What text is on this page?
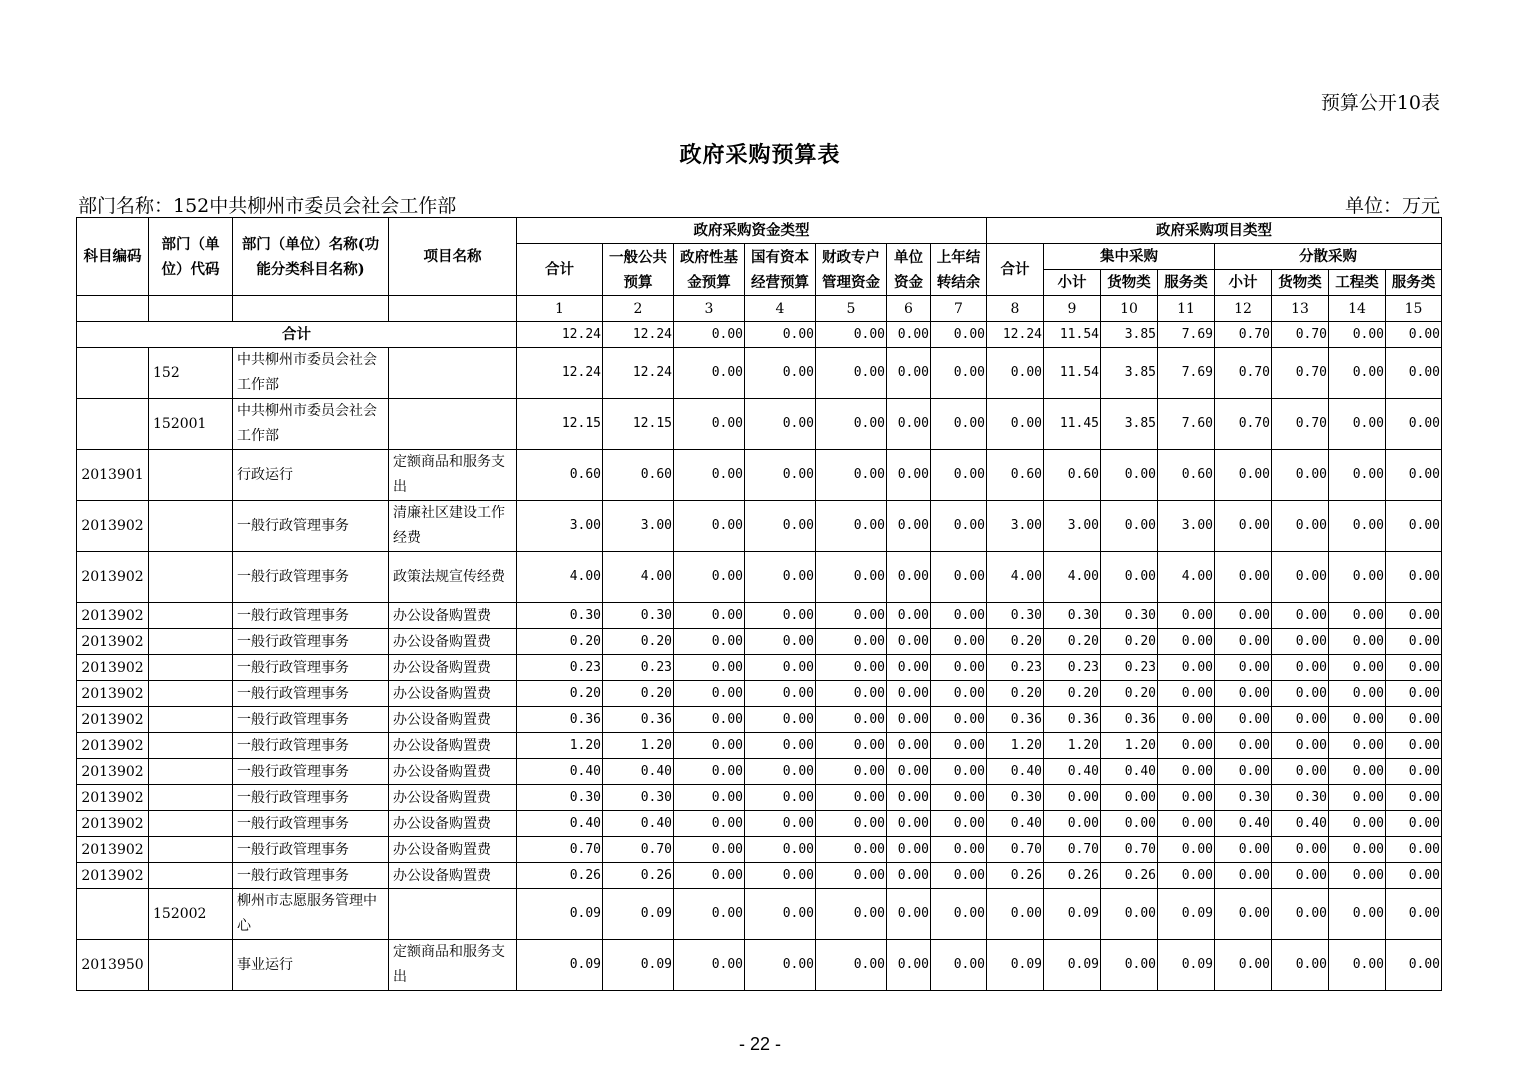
预算公开10表
政府采购预算表
部门名称：152中共柳州市委员会社会工作部	单位：万元
科目编码	部门（单位）代码	部门（单位）名称(功能分类科目名称)	项目名称	政府采购资金类型							政府采购项目类型							
				合计	一般公共预算	政府性基金预算	国有资本经营预算	财政专户管理资金	单位资金	上年结转结余	合计	集中采购			分散采购			
												小计	货物类	服务类	小计	货物类	工程类	服务类
				1	2	3	4	5	6	7	8	9	10	11	12	13	14	15
合计				12.24	12.24	0.00	0.00	0.00	0.00	0.00	12.24	11.54	3.85	7.69	0.70	0.70	0.00	0.00
	152	中共柳州市委员会社会工作部		12.24	12.24	0.00	0.00	0.00	0.00	0.00	0.00	11.54	3.85	7.69	0.70	0.70	0.00	0.00
	152001	中共柳州市委员会社会工作部		12.15	12.15	0.00	0.00	0.00	0.00	0.00	0.00	11.45	3.85	7.60	0.70	0.70	0.00	0.00
2013901		行政运行	定额商品和服务支出	0.60	0.60	0.00	0.00	0.00	0.00	0.00	0.60	0.60	0.00	0.60	0.00	0.00	0.00	0.00
2013902		一般行政管理事务	清廉社区建设工作经费	3.00	3.00	0.00	0.00	0.00	0.00	0.00	3.00	3.00	0.00	3.00	0.00	0.00	0.00	0.00
2013902		一般行政管理事务	政策法规宣传经费	4.00	4.00	0.00	0.00	0.00	0.00	0.00	4.00	4.00	0.00	4.00	0.00	0.00	0.00	0.00
2013902		一般行政管理事务	办公设备购置费	0.30	0.30	0.00	0.00	0.00	0.00	0.00	0.30	0.30	0.30	0.00	0.00	0.00	0.00	0.00
2013902		一般行政管理事务	办公设备购置费	0.20	0.20	0.00	0.00	0.00	0.00	0.00	0.20	0.20	0.20	0.00	0.00	0.00	0.00	0.00
2013902		一般行政管理事务	办公设备购置费	0.23	0.23	0.00	0.00	0.00	0.00	0.00	0.23	0.23	0.23	0.00	0.00	0.00	0.00	0.00
2013902		一般行政管理事务	办公设备购置费	0.20	0.20	0.00	0.00	0.00	0.00	0.00	0.20	0.20	0.20	0.00	0.00	0.00	0.00	0.00
2013902		一般行政管理事务	办公设备购置费	0.36	0.36	0.00	0.00	0.00	0.00	0.00	0.36	0.36	0.36	0.00	0.00	0.00	0.00	0.00
2013902		一般行政管理事务	办公设备购置费	1.20	1.20	0.00	0.00	0.00	0.00	0.00	1.20	1.20	1.20	0.00	0.00	0.00	0.00	0.00
2013902		一般行政管理事务	办公设备购置费	0.40	0.40	0.00	0.00	0.00	0.00	0.00	0.40	0.40	0.40	0.00	0.00	0.00	0.00	0.00
2013902		一般行政管理事务	办公设备购置费	0.30	0.30	0.00	0.00	0.00	0.00	0.00	0.30	0.00	0.00	0.00	0.30	0.30	0.00	0.00
2013902		一般行政管理事务	办公设备购置费	0.40	0.40	0.00	0.00	0.00	0.00	0.00	0.40	0.00	0.00	0.00	0.40	0.40	0.00	0.00
2013902		一般行政管理事务	办公设备购置费	0.70	0.70	0.00	0.00	0.00	0.00	0.00	0.70	0.70	0.70	0.00	0.00	0.00	0.00	0.00
2013902		一般行政管理事务	办公设备购置费	0.26	0.26	0.00	0.00	0.00	0.00	0.00	0.26	0.26	0.26	0.00	0.00	0.00	0.00	0.00
	152002	柳州市志愿服务管理中心		0.09	0.09	0.00	0.00	0.00	0.00	0.00	0.00	0.09	0.00	0.09	0.00	0.00	0.00	0.00
2013950		事业运行	定额商品和服务支出	0.09	0.09	0.00	0.00	0.00	0.00	0.00	0.09	0.09	0.00	0.09	0.00	0.00	0.00	0.00
- 22 -
